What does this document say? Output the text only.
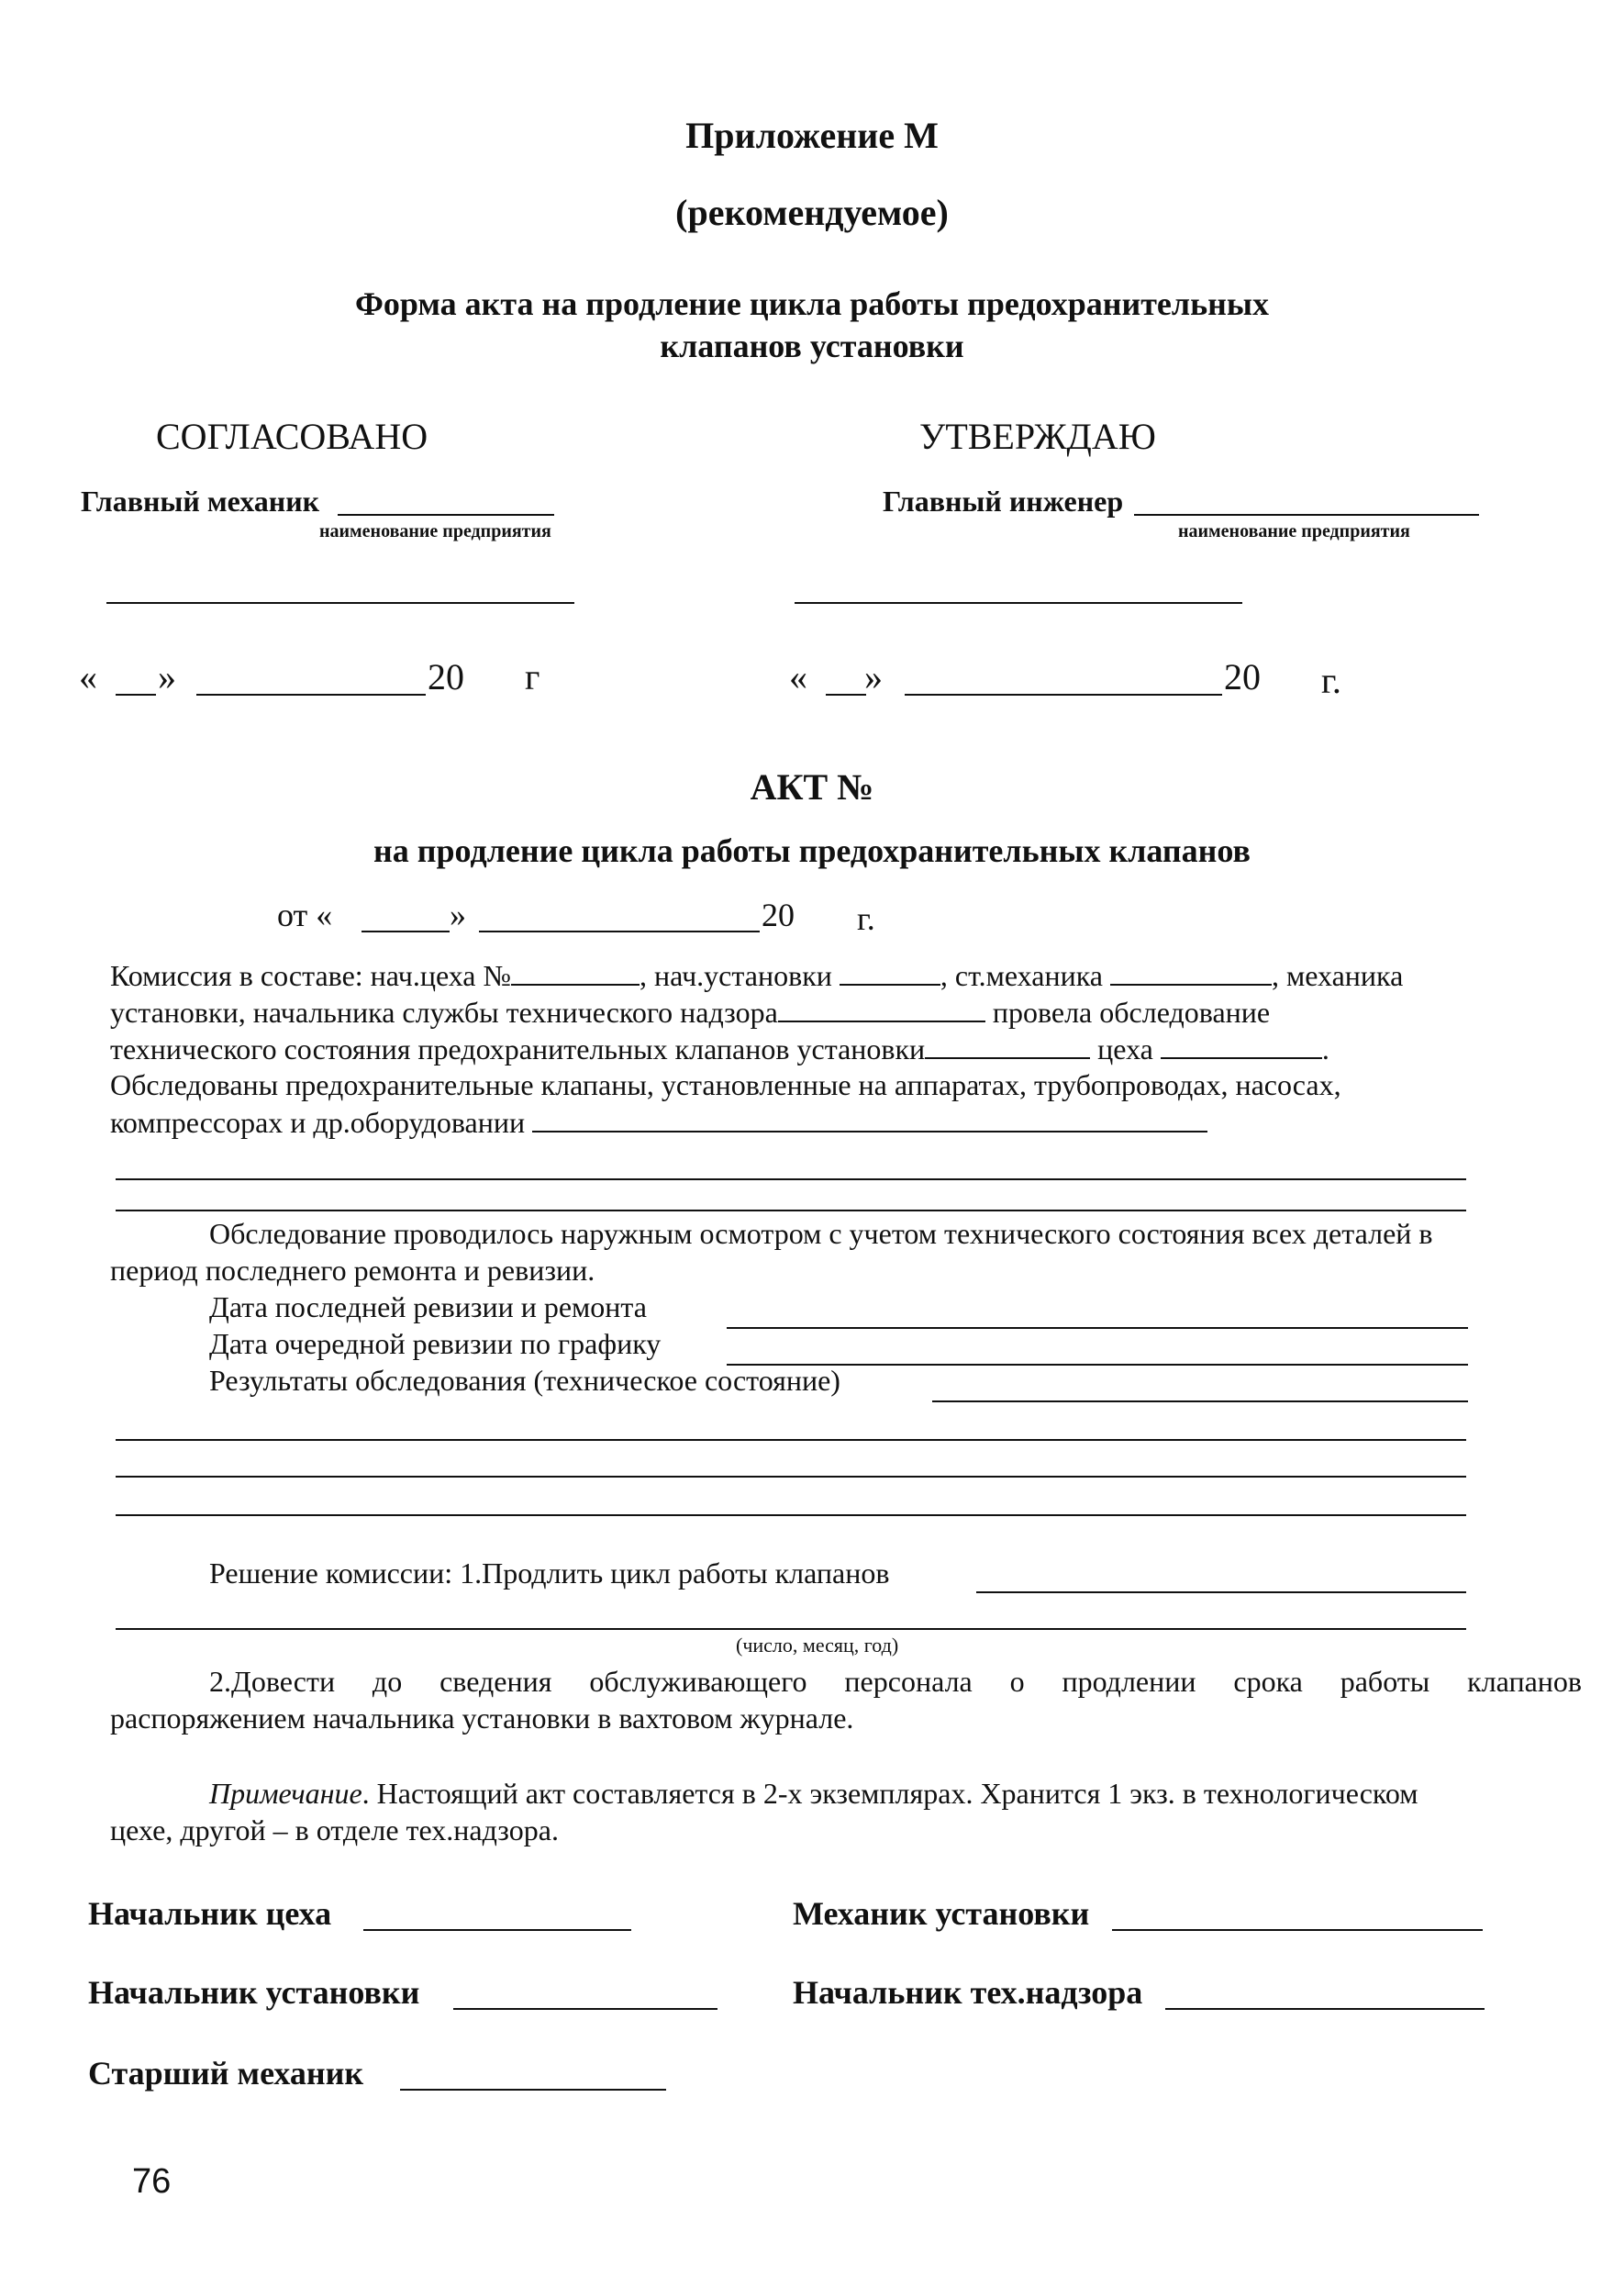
Приложение М
(рекомендуемое)
Форма акта на продление цикла работы предохранительных
клапанов установки
СОГЛАСОВАНО
Главный механик
наименование предприятия
« »	20 г
УТВЕРЖДАЮ
Главный инженер
наименование предприятия
« »	20 г.
АКТ №
на продление цикла работы предохранительных клапанов
от «	»	20 г.
Комиссия в составе: нач.цеха №	, нач.установки	, ст.механика	, механика
установки, начальника службы технического надзора	провела обследование
технического состояния предохранительных клапанов установки	цеха	.
Обследованы предохранительные клапаны, установленные на аппаратах, трубопроводах, насосах,
компрессорах и др.оборудовании
Обследование проводилось наружным осмотром с учетом технического состояния всех деталей в
период последнего ремонта и ревизии.
Дата последней ревизии и ремонта
Дата очередной ревизии по графику
Результаты обследования (техническое состояние)
Решение комиссии: 1.Продлить цикл работы клапанов
(число, месяц, год)
2.Довести до сведения обслуживающего персонала о продлении срока работы клапанов
распоряжением начальника установки в вахтовом журнале.
Примечание. Настоящий акт составляется в 2-х экземплярах. Хранится 1 экз. в технологическом
цехе, другой – в отделе тех.надзора.
Начальник цеха	Механик установки
Начальник установки	Начальник тех.надзора
Старший механик
76
